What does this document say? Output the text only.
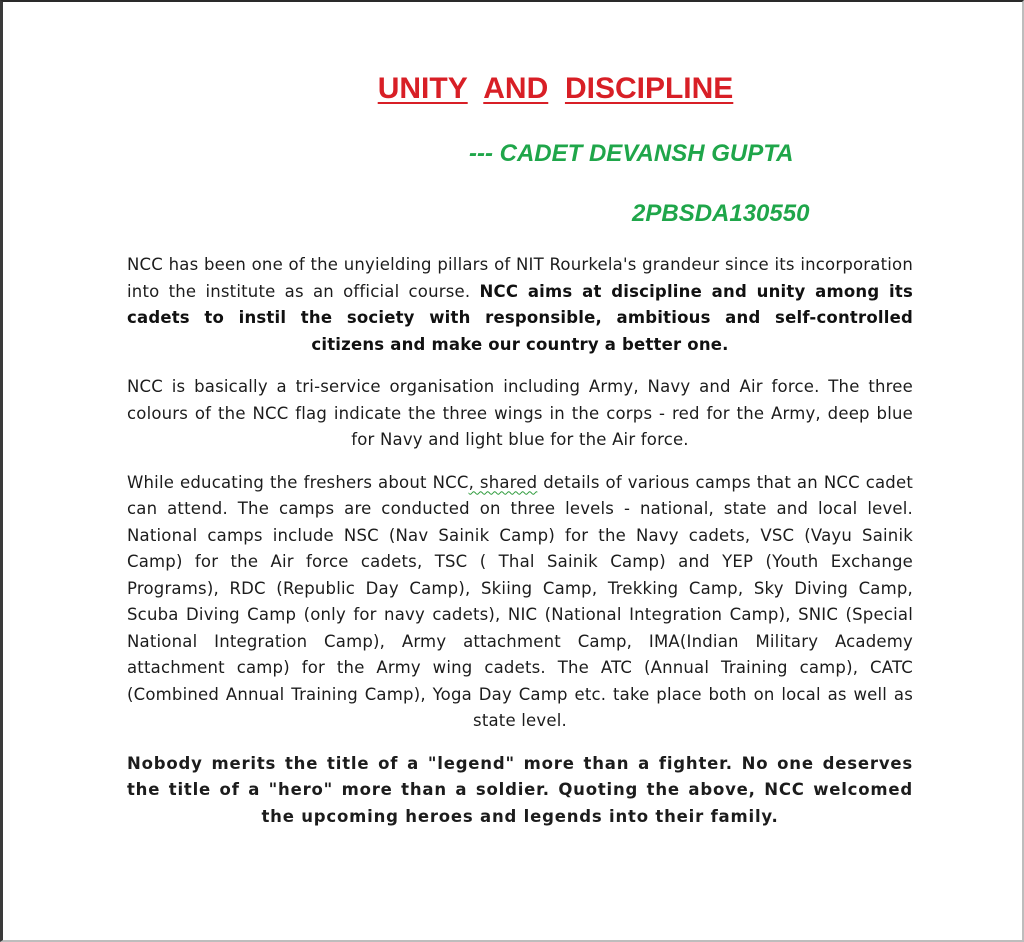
UNITY AND DISCIPLINE
--- CADET DEVANSH GUPTA
2PBSDA130550

NCC has been one of the unyielding pillars of NIT Rourkela's grandeur since its incorporation into the institute as an official course. NCC aims at discipline and unity among its cadets to instil the society with responsible, ambitious and self-controlled citizens and make our country a better one.

NCC is basically a tri-service organisation including Army, Navy and Air force. The three colours of the NCC flag indicate the three wings in the corps - red for the Army, deep blue for Navy and light blue for the Air force.

While educating the freshers about NCC, shared details of various camps that an NCC cadet can attend. The camps are conducted on three levels - national, state and local level. National camps include NSC (Nav Sainik Camp) for the Navy cadets, VSC (Vayu Sainik Camp) for the Air force cadets, TSC ( Thal Sainik Camp) and YEP (Youth Exchange Programs), RDC (Republic Day Camp), Skiing Camp, Trekking Camp, Sky Diving Camp, Scuba Diving Camp (only for navy cadets), NIC (National Integration Camp), SNIC (Special National Integration Camp), Army attachment Camp, IMA(Indian Military Academy attachment camp) for the Army wing cadets. The ATC (Annual Training camp), CATC (Combined Annual Training Camp), Yoga Day Camp etc. take place both on local as well as state level.

Nobody merits the title of a "legend" more than a fighter. No one deserves the title of a "hero" more than a soldier. Quoting the above, NCC welcomed the upcoming heroes and legends into their family.
